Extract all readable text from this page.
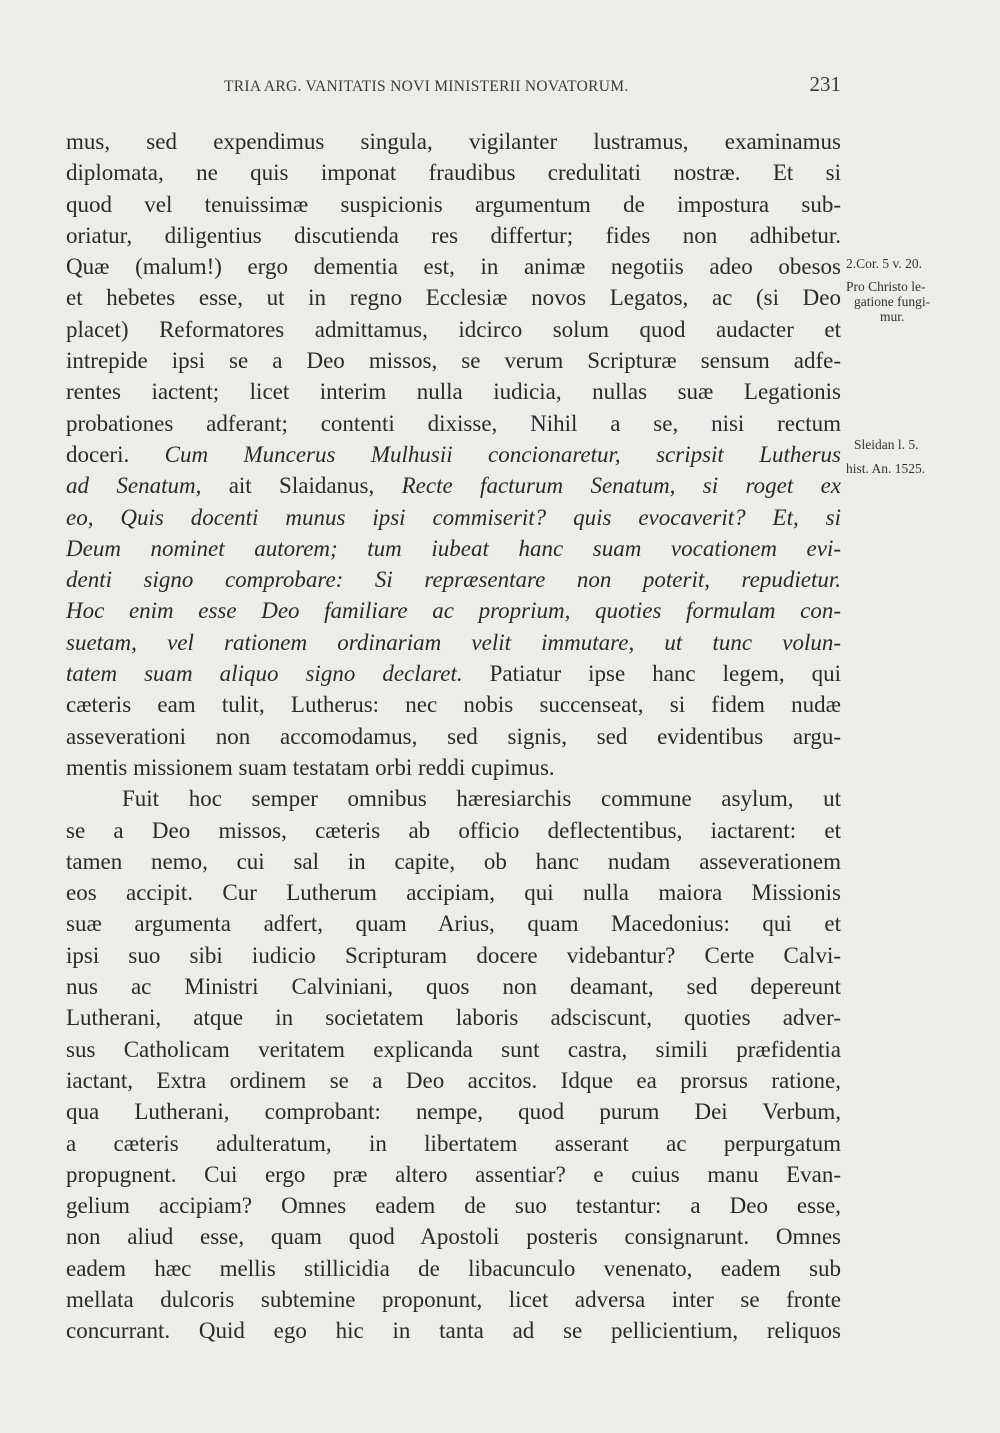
TRIA ARG. VANITATIS NOVI MINISTERII NOVATORUM.	231
mus, sed expendimus singula, vigilanter lustramus, examinamus
diplomata, ne quis imponat fraudibus credulitati nostræ. Et si
quod vel tenuissimæ suspicionis argumentum de impostura sub-
oriatur, diligentius discutienda res differtur; fides non adhibetur.
Quæ (malum!) ergo dementia est, in animæ negotiis adeo obesos
et hebetes esse, ut in regno Ecclesiæ novos Legatos, ac (si Deo
placet) Reformatores admittamus, idcirco solum quod audacter et
intrepide ipsi se a Deo missos, se verum Scripturæ sensum adfe-
rentes iactent; licet interim nulla iudicia, nullas suæ Legationis
probationes adferant; contenti dixisse, Nihil a se, nisi rectum
doceri. Cum Muncerus Mulhusii concionaretur, scripsit Lutherus
ad Senatum, ait Slaidanus, Recte facturum Senatum, si roget ex
eo, Quis docenti munus ipsi commiserit? quis evocaverit? Et, si
Deum nominet autorem; tum iubeat hanc suam vocationem evi-
denti signo comprobare: Si repræsentare non poterit, repudietur.
Hoc enim esse Deo familiare ac proprium, quoties formulam con-
suetam, vel rationem ordinariam velit immutare, ut tunc volun-
tatem suam aliquo signo declaret. Patiatur ipse hanc legem, qui
cæteris eam tulit, Lutherus: nec nobis succenseat, si fidem nudæ
asseverationi non accomodamus, sed signis, sed evidentibus argu-
mentis missionem suam testatam orbi reddi cupimus.
Fuit hoc semper omnibus hæresiarchis commune asylum, ut
se a Deo missos, cæteris ab officio deflectentibus, iactarent: et
tamen nemo, cui sal in capite, ob hanc nudam asseverationem
eos accipit. Cur Lutherum accipiam, qui nulla maiora Missionis
suæ argumenta adfert, quam Arius, quam Macedonius: qui et
ipsi suo sibi iudicio Scripturam docere videbantur? Certe Calvi-
nus ac Ministri Calviniani, quos non deamant, sed depereunt
Lutherani, atque in societatem laboris adsciscunt, quoties adver-
sus Catholicam veritatem explicanda sunt castra, simili præfidentia
iactant, Extra ordinem se a Deo accitos. Idque ea prorsus ratione,
qua Lutherani, comprobant: nempe, quod purum Dei Verbum,
a cæteris adulteratum, in libertatem asserant ac perpurgatum
propugnent. Cui ergo præ altero assentiar? e cuius manu Evan-
gelium accipiam? Omnes eadem de suo testantur: a Deo esse,
non aliud esse, quam quod Apostoli posteris consignarunt. Omnes
eadem hæc mellis stillicidia de libacunculo venenato, eadem sub
mellata dulcoris subtemine proponunt, licet adversa inter se fronte
concurrant. Quid ego hic in tanta ad se pellicientium, reliquos
2.Cor. 5 v. 20.
Pro Christo le-
gatione fungi-
mur.
Sleidan l. 5.
hist. An. 1525.
